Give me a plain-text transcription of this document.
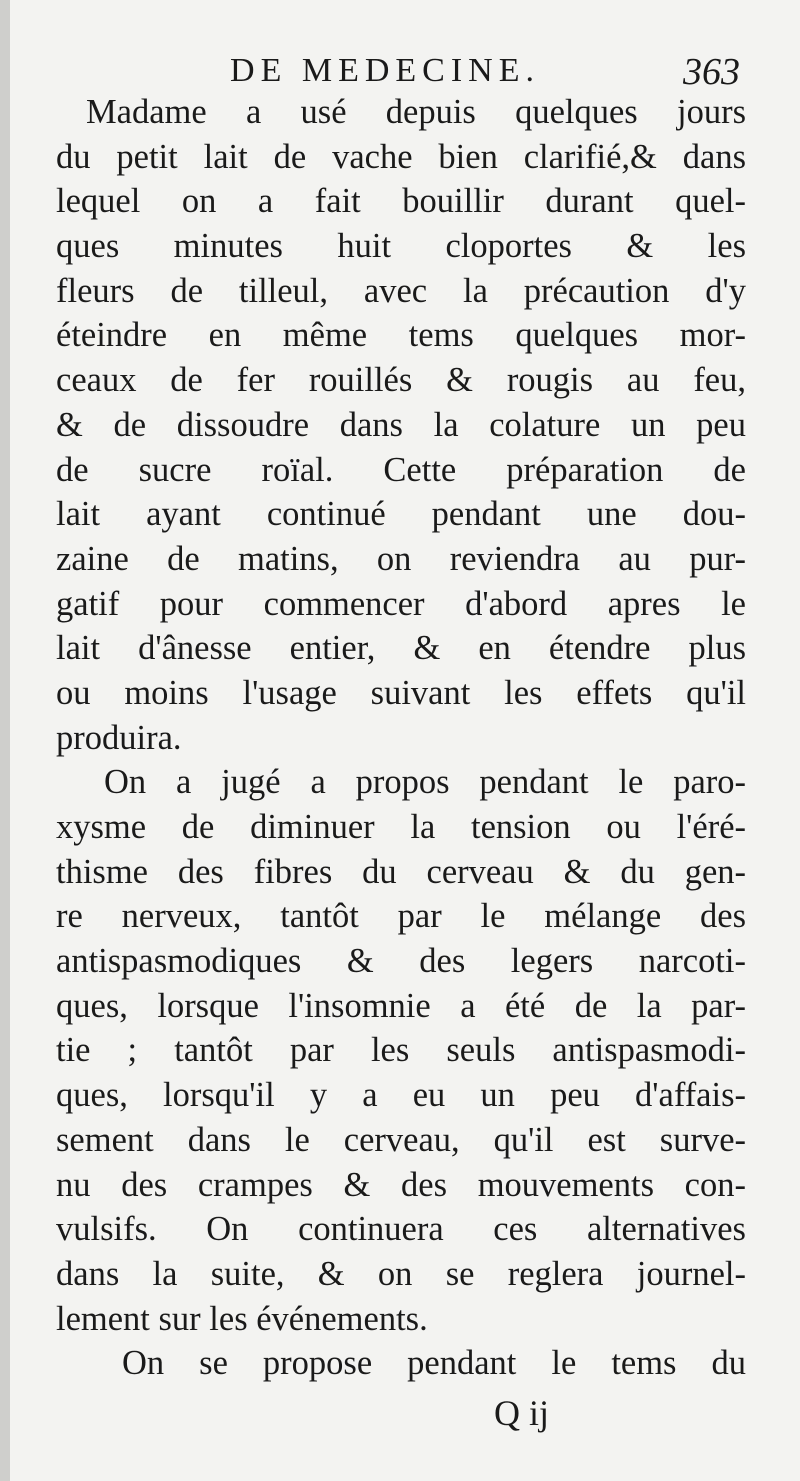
DE MEDECINE.	363
Madame a usé depuis quelques jours
du petit lait de vache bien clarifié,& dans
lequel on a fait bouillir durant quel-
ques minutes huit cloportes & les
fleurs de tilleul, avec la précaution d'y
éteindre en même tems quelques mor-
ceaux de fer rouillés & rougis au feu,
& de dissoudre dans la colature un peu
de sucre roïal. Cette préparation de
lait ayant continué pendant une dou-
zaine de matins, on reviendra au pur-
gatif pour commencer d'abord apres le
lait d'ânesse entier, & en étendre plus
ou moins l'usage suivant les effets qu'il
produira.
On a jugé a propos pendant le paro-
xysme de diminuer la tension ou l'éré-
thisme des fibres du cerveau & du gen-
re nerveux, tantôt par le mélange des
antispasmodiques & des legers narcoti-
ques, lorsque l'insomnie a été de la par-
tie ; tantôt par les seuls antispasmodi-
ques, lorsqu'il y a eu un peu d'affais-
sement dans le cerveau, qu'il est surve-
nu des crampes & des mouvements con-
vulsifs. On continuera ces alternatives
dans la suite, & on se reglera journel-
lement sur les événements.
On se propose pendant le tems du
Q ij
